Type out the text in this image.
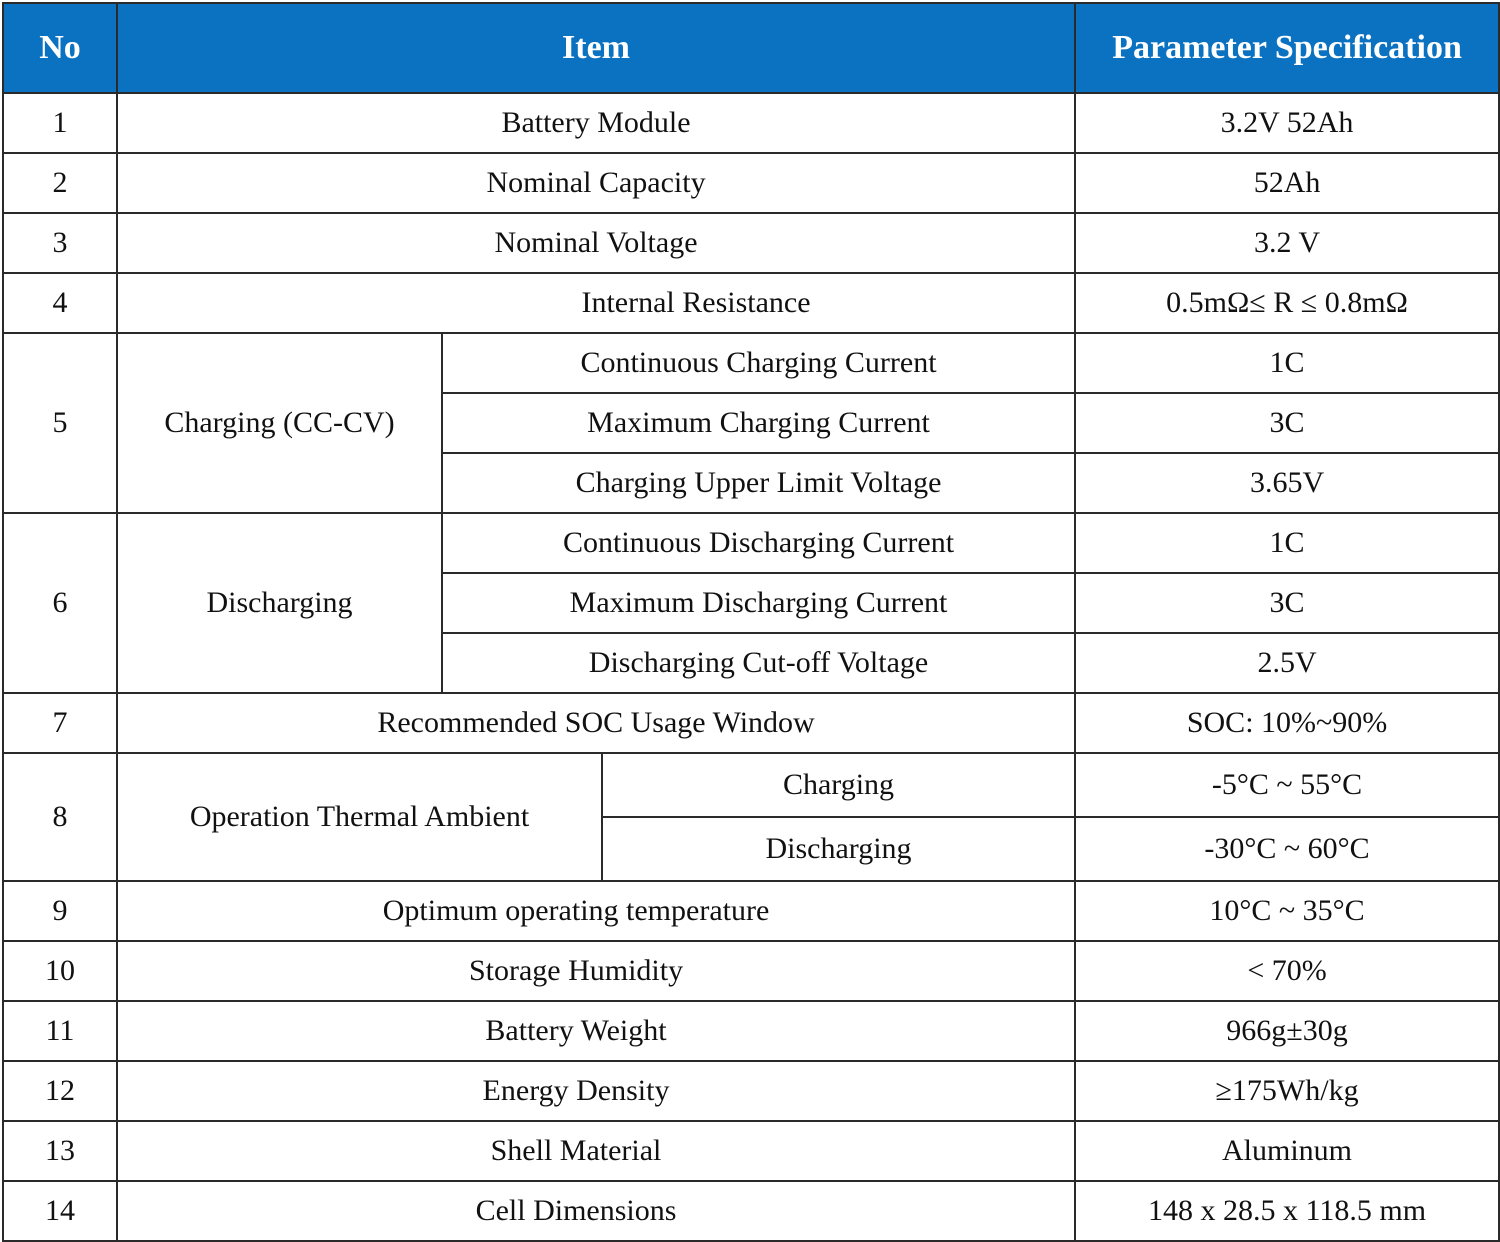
No	Item			Parameter Specification
1	Battery Module			3.2V 52Ah
2	Nominal Capacity			52Ah
3	Nominal Voltage			3.2 V
4	Internal Resistance			0.5mΩ≤ R ≤ 0.8mΩ
5	Charging (CC-CV)	Continuous Charging Current		1C
		Maximum Charging Current		3C
		Charging Upper Limit Voltage		3.65V
6	Discharging	Continuous Discharging Current		1C
		Maximum Discharging Current		3C
		Discharging Cut-off Voltage		2.5V
7	Recommended SOC Usage Window			SOC: 10%~90%
8	Operation Thermal Ambient		Charging	-5°C ~ 55°C
			Discharging	-30°C ~ 60°C
9	Optimum operating temperature			10°C ~ 35°C
10	Storage Humidity			< 70%
11	Battery Weight			966g±30g
12	Energy Density			≥175Wh/kg
13	Shell Material			Aluminum
14	Cell Dimensions			148 x 28.5 x 118.5 mm
